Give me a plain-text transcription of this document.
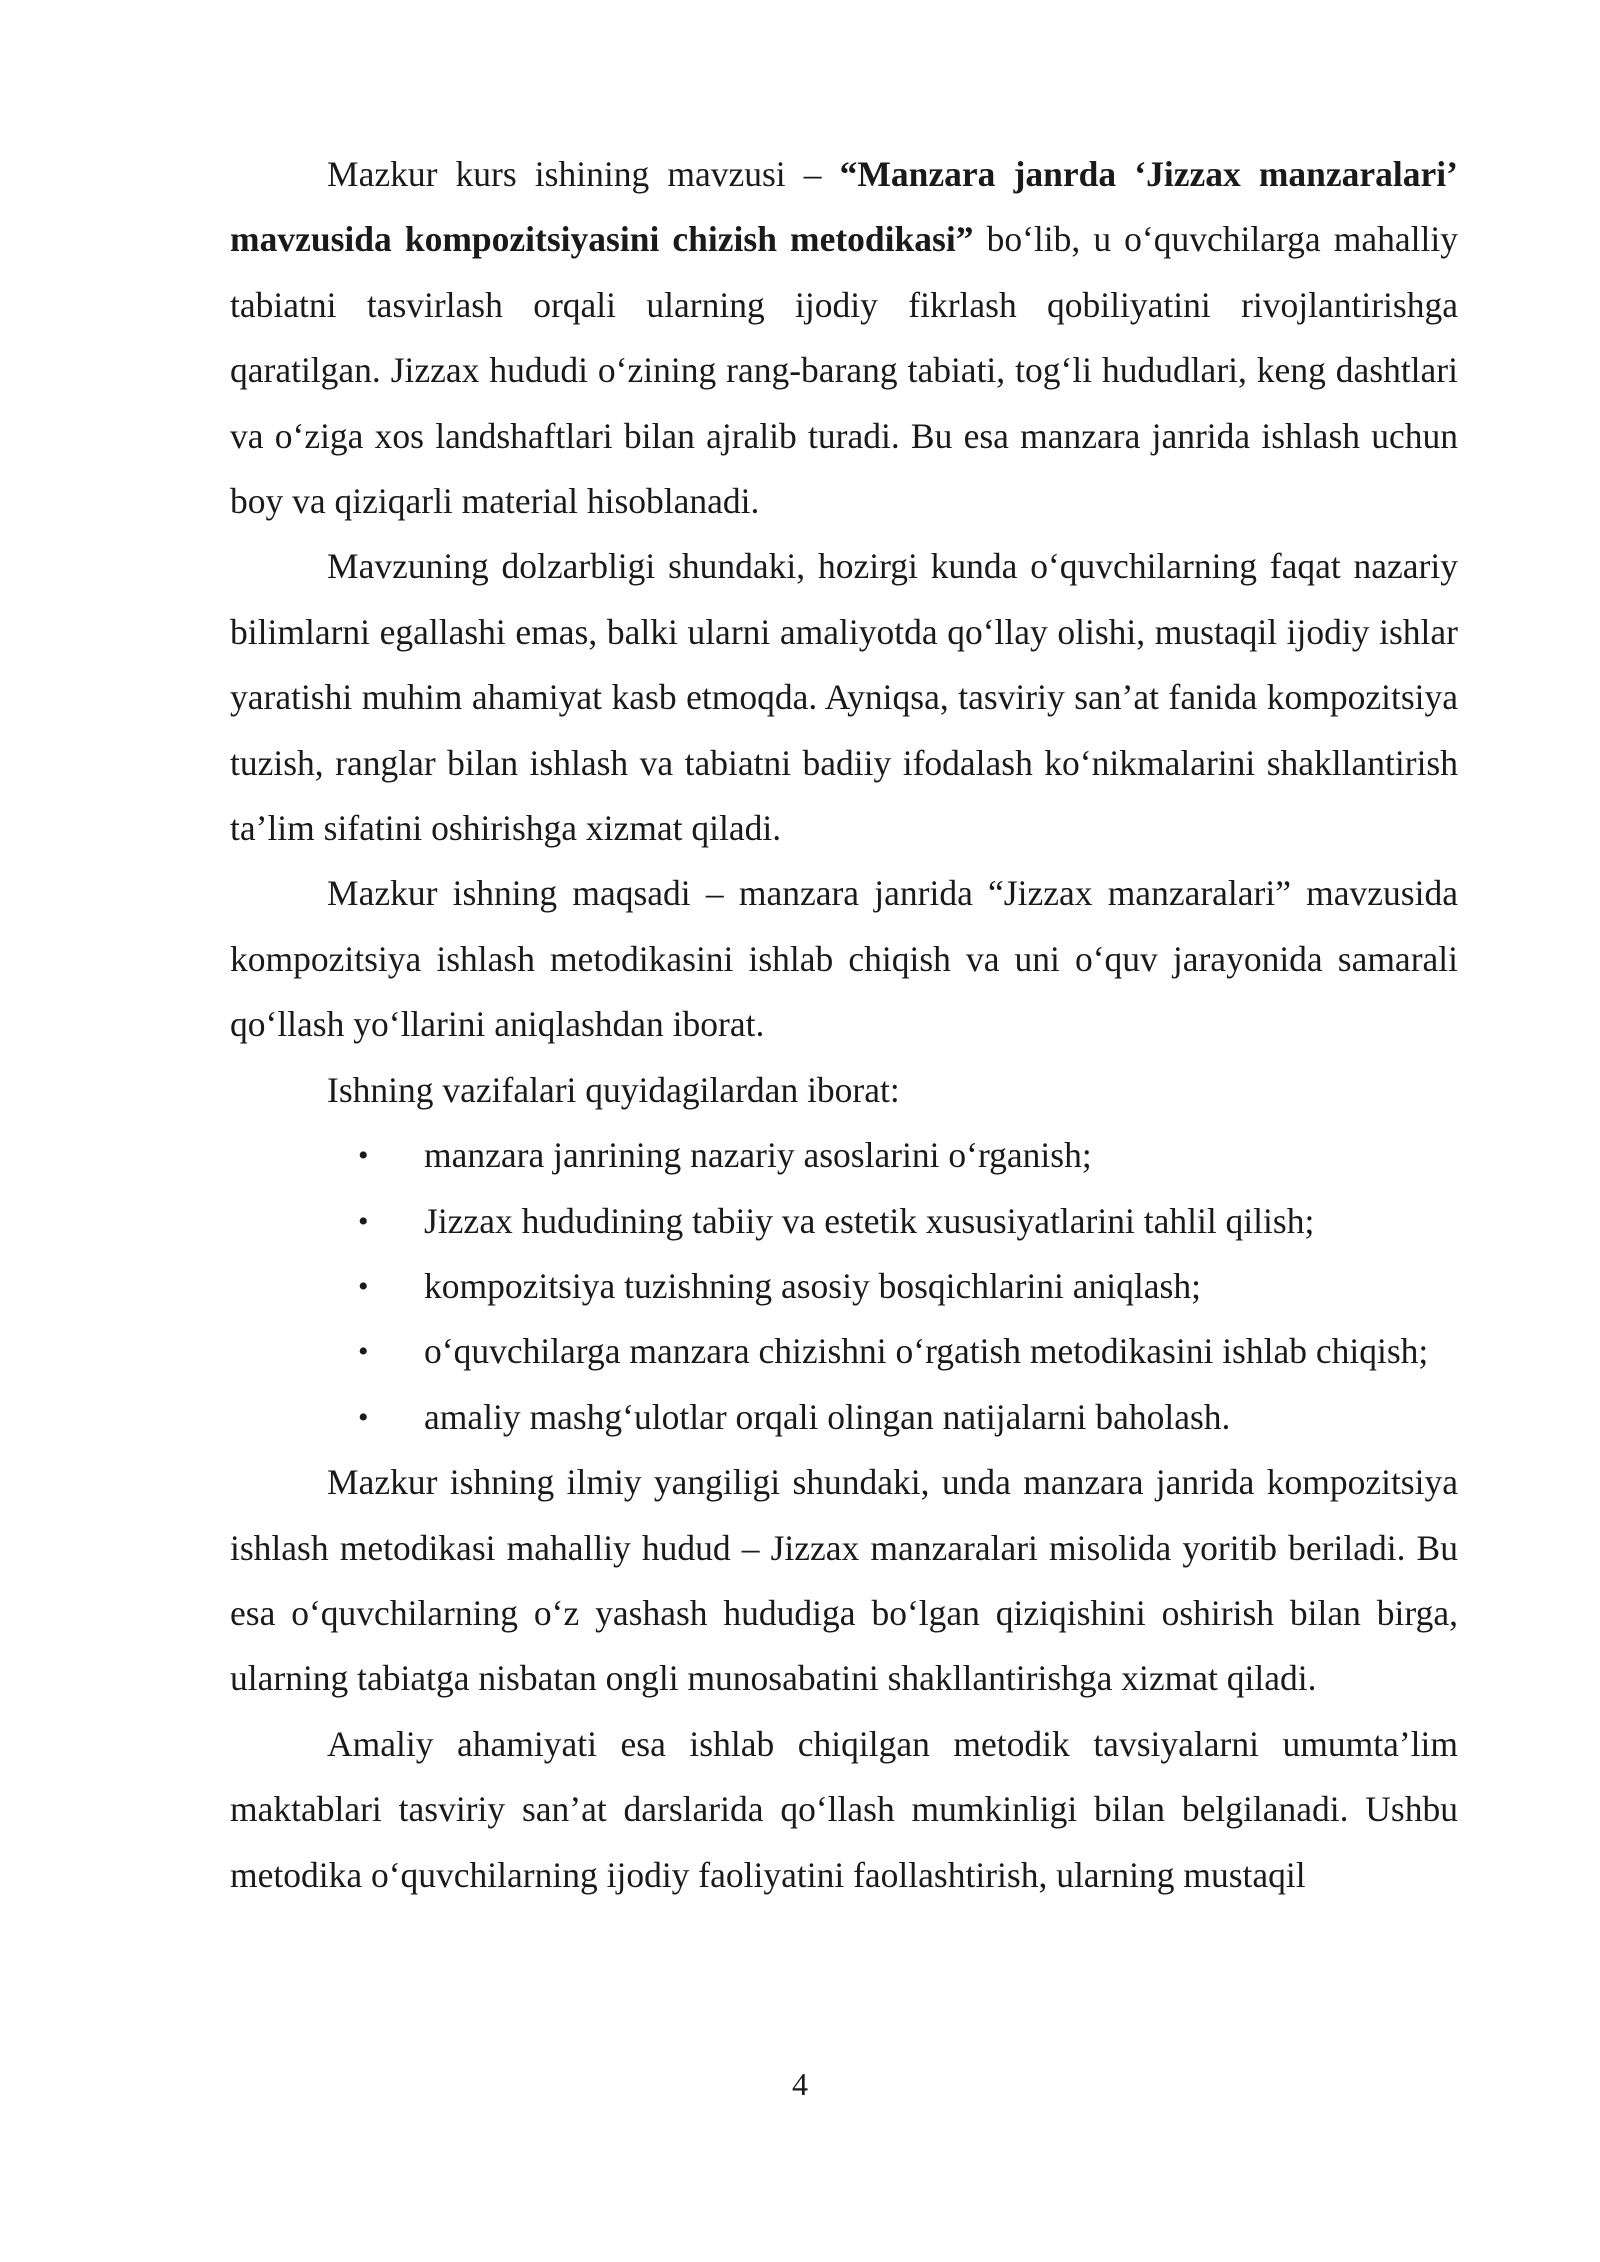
Mazkur kurs ishining mavzusi – “Manzara janrda ‘Jizzax manzaralari’ mavzusida kompozitsiyasini chizish metodikasi” bo‘lib, u o‘quvchilarga mahalliy tabiatni tasvirlash orqali ularning ijodiy fikrlash qobiliyatini rivojlantirishga qaratilgan. Jizzax hududi o‘zining rang-barang tabiati, tog‘li hududlari, keng dashtlari va o‘ziga xos landshaftlari bilan ajralib turadi. Bu esa manzara janrida ishlash uchun boy va qiziqarli material hisoblanadi.

Mavzuning dolzarbligi shundaki, hozirgi kunda o‘quvchilarning faqat nazariy bilimlarni egallashi emas, balki ularni amaliyotda qo‘llay olishi, mustaqil ijodiy ishlar yaratishi muhim ahamiyat kasb etmoqda. Ayniqsa, tasviriy san’at fanida kompozitsiya tuzish, ranglar bilan ishlash va tabiatni badiiy ifodalash ko‘nikmalarini shakllantirish ta’lim sifatini oshirishga xizmat qiladi.

Mazkur ishning maqsadi – manzara janrida “Jizzax manzaralari” mavzusida kompozitsiya ishlash metodikasini ishlab chiqish va uni o‘quv jarayonida samarali qo‘llash yo‘llarini aniqlashdan iborat.

Ishning vazifalari quyidagilardan iborat:

• manzara janrining nazariy asoslarini o‘rganish;
• Jizzax hududining tabiiy va estetik xususiyatlarini tahlil qilish;
• kompozitsiya tuzishning asosiy bosqichlarini aniqlash;
• o‘quvchilarga manzara chizishni o‘rgatish metodikasini ishlab chiqish;
• amaliy mashg‘ulotlar orqali olingan natijalarni baholash.

Mazkur ishning ilmiy yangiligi shundaki, unda manzara janrida kompozitsiya ishlash metodikasi mahalliy hudud – Jizzax manzaralari misolida yoritib beriladi. Bu esa o‘quvchilarning o‘z yashash hududiga bo‘lgan qiziqishini oshirish bilan birga, ularning tabiatga nisbatan ongli munosabatini shakllantirishga xizmat qiladi.

Amaliy ahamiyati esa ishlab chiqilgan metodik tavsiyalarni umumta’lim maktablari tasviriy san’at darslarida qo‘llash mumkinligi bilan belgilanadi. Ushbu metodika o‘quvchilarning ijodiy faoliyatini faollashtirish, ularning mustaqil

4
